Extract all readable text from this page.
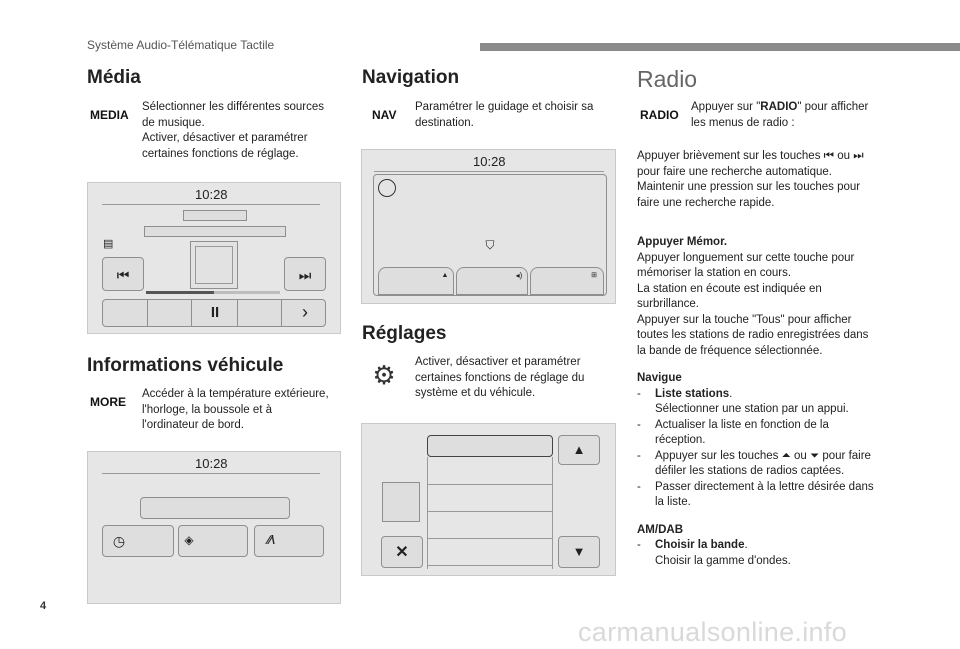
Système Audio-Télématique Tactile
Média
MEDIA

Sélectionner les différentes sources

de musique.

Activer, désactiver et paramétrer

certaines fonctions de réglage.

10:28
▤
⏮	⏭
II	›
Informations véhicule
MORE

Accéder à la température extérieure,

l'horloge, la boussole et à

l'ordinateur de bord.

10:28
◷	◈	⁄⁄\
Navigation
NAV

Paramétrer le guidage et choisir sa

destination.

10:28
⛉
▲	◂)	⊞
Réglages
⚙ Activer, désactiver et paramétrer

certaines fonctions de réglage du

système et du véhicule.

▲
✕	▼
Radio
RADIO

Appuyer sur "RADIO" pour afficher

les menus de radio :

Appuyer brièvement sur les touches ⏮ ou ⏭

pour faire une recherche automatique.

Maintenir une pression sur les touches pour

faire une recherche rapide.

Appuyer Mémor.

Appuyer longuement sur cette touche pour

mémoriser la station en cours.

La station en écoute est indiquée en

surbrillance.

Appuyer sur la touche "Tous" pour afficher

toutes les stations de radio enregistrées dans

la bande de fréquence sélectionnée.

Navigue

- Liste stations.

Sélectionner une station par un appui.

- Actualiser la liste en fonction de la

réception.

- Appuyer sur les touches ⏶ ou ⏷ pour faire

défiler les stations de radios captées.

- Passer directement à la lettre désirée dans

la liste.

AM/DAB

- Choisir la bande.

Choisir la gamme d'ondes.

4
carmanualsonline.info
